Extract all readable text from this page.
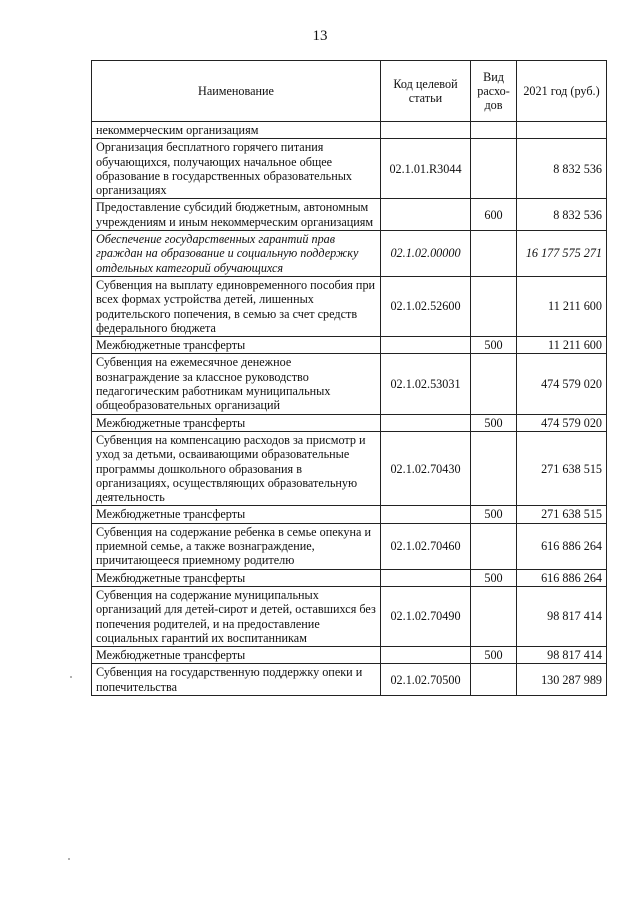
13
Наименование	Код целевой статьи	Вид расхо-дов	2021 год (руб.)
некоммерческим организациям			
Организация бесплатного горячего питания обучающихся, получающих начальное общее образование в государственных образовательных организациях	02.1.01.R3044		8 832 536
Предоставление субсидий бюджетным, автономным учреждениям и иным некоммерческим организациям		600	8 832 536
Обеспечение государственных гарантий прав граждан на образование и социальную поддержку отдельных категорий обучающихся	02.1.02.00000		16 177 575 271
Субвенция на выплату единовременного пособия при всех формах устройства детей, лишенных родительского попечения, в семью за счет средств федерального бюджета	02.1.02.52600		11 211 600
Межбюджетные трансферты		500	11 211 600
Субвенция на ежемесячное денежное вознаграждение за классное руководство педагогическим работникам муниципальных общеобразовательных организаций	02.1.02.53031		474 579 020
Межбюджетные трансферты		500	474 579 020
Субвенция на компенсацию расходов за присмотр и уход за детьми, осваивающими образовательные программы дошкольного образования в организациях, осуществляющих образовательную деятельность	02.1.02.70430		271 638 515
Межбюджетные трансферты		500	271 638 515
Субвенция на содержание ребенка в семье опекуна и приемной семье, а также вознаграждение, причитающееся приемному родителю	02.1.02.70460		616 886 264
Межбюджетные трансферты		500	616 886 264
Субвенция на содержание муниципальных организаций для детей-сирот и детей, оставшихся без попечения родителей, и на предоставление социальных гарантий их воспитанникам	02.1.02.70490		98 817 414
Межбюджетные трансферты		500	98 817 414
Субвенция на государственную поддержку опеки и попечительства	02.1.02.70500		130 287 989
